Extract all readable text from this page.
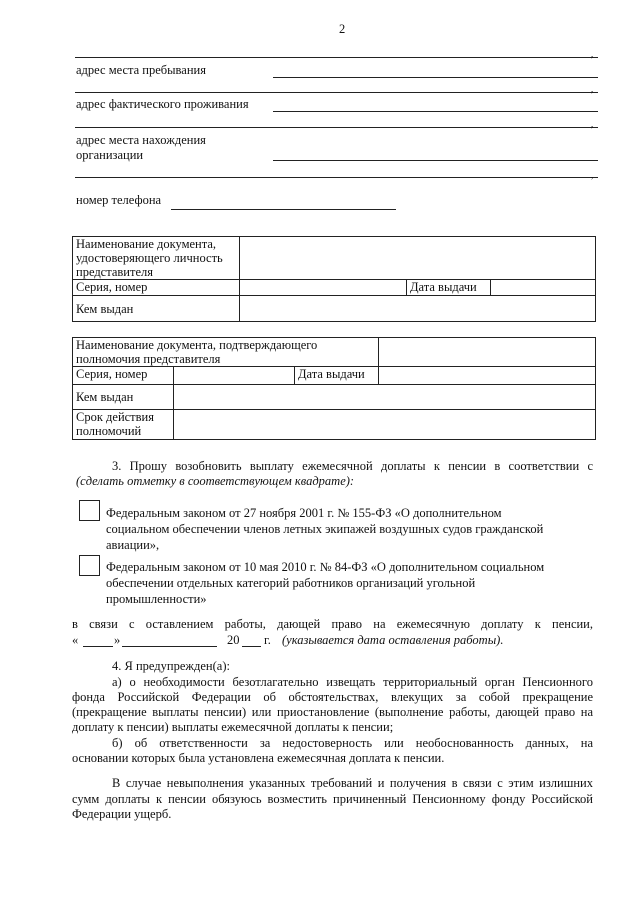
2
,
адрес места пребывания
,
адрес фактического проживания
,
адрес места нахождения
организации
,
номер телефона
Наименование документа,
удостоверяющего личность
представителя			

Серия, номер		Дата выдачи	
Кем выдан			
Наименование документа, подтверждающего
полномочия представителя			

Серия, номер		Дата выдачи	
Кем выдан			

Срок действия
полномочий			

3. Прошу возобновить выплату ежемесячной доплаты к пенсии в соответствии с
(сделать отметку в соответствующем квадрате):
Федеральным законом от 27 ноября 2001 г. № 155-ФЗ «О дополнительном
социальном обеспечении членов летных экипажей воздушных судов гражданской
авиации»,
Федеральным законом от 10 мая 2010 г. № 84-ФЗ «О дополнительном социальном
обеспечении отдельных категорий работников организаций угольной
промышленности»
в связи с оставлением работы, дающей право на ежемесячную доплату к пенсии,
«	»	20 г. (указывается дата оставления работы).
4. Я предупрежден(а):
а) о необходимости безотлагательно извещать территориальный орган Пенсионного
фонда Российской Федерации об обстоятельствах, влекущих за собой прекращение
(прекращение выплаты пенсии) или приостановление (выполнение работы, дающей право на
доплату к пенсии) выплаты ежемесячной доплаты к пенсии;
б) об ответственности за недостоверность или необоснованность данных, на
основании которых была установлена ежемесячная доплата к пенсии.
В случае невыполнения указанных требований и получения в связи с этим излишних
сумм доплаты к пенсии обязуюсь возместить причиненный Пенсионному фонду Российской
Федерации ущерб.
